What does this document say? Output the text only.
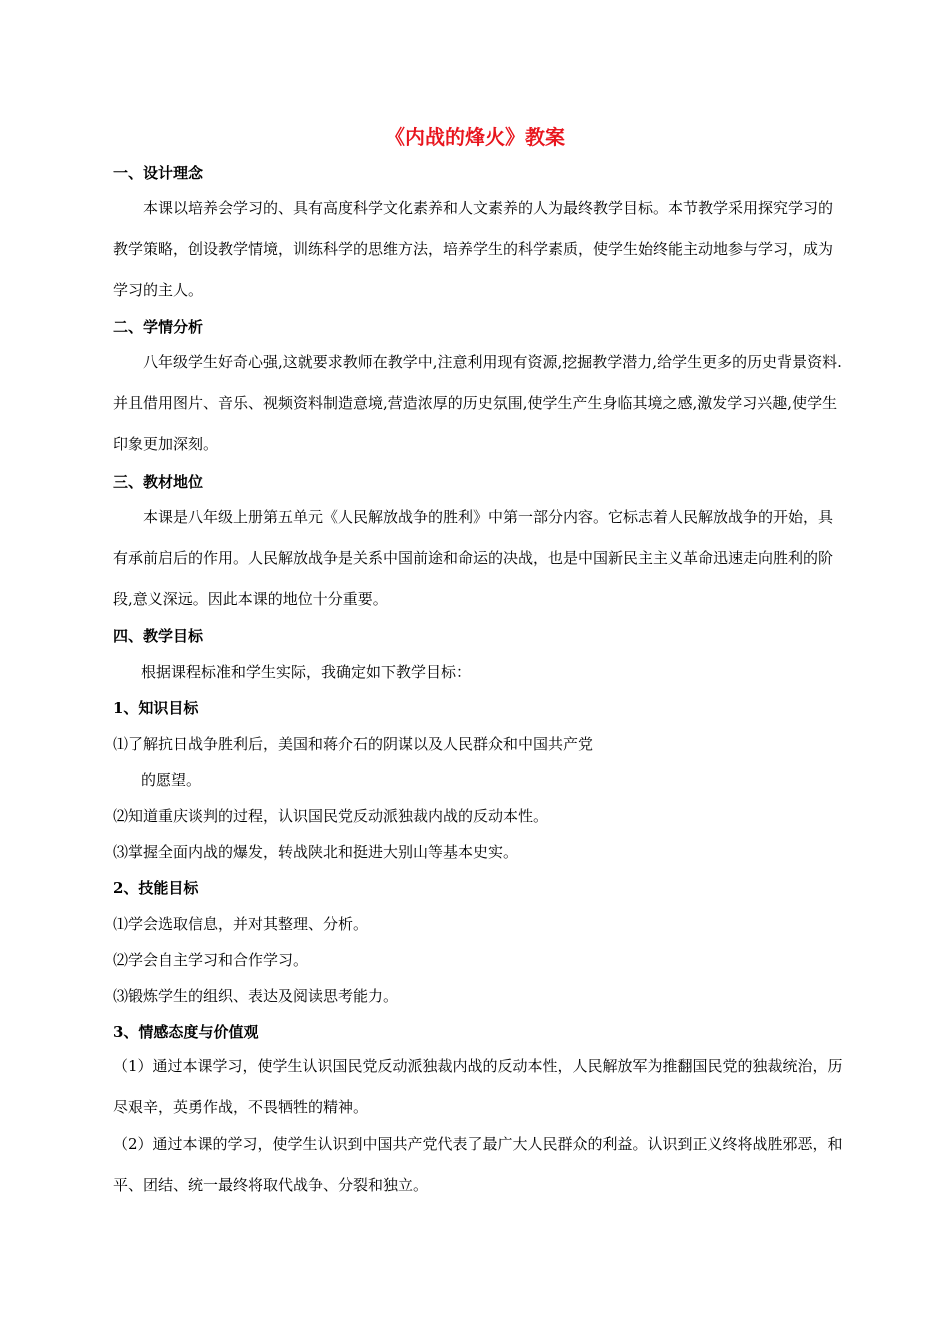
《内战的烽火》教案
一、设计理念
本课以培养会学习的、具有高度科学文化素养和人文素养的人为最终教学目标。本节教学采用探究学习的教学策略，创设教学情境，训练科学的思维方法，培养学生的科学素质，使学生始终能主动地参与学习，成为学习的主人。
二、学情分析
八年级学生好奇心强,这就要求教师在教学中,注意利用现有资源,挖掘教学潜力,给学生更多的历史背景资料.并且借用图片、音乐、视频资料制造意境,营造浓厚的历史氛围,使学生产生身临其境之感,激发学习兴趣,使学生印象更加深刻。
三、教材地位
本课是八年级上册第五单元《人民解放战争的胜利》中第一部分内容。它标志着人民解放战争的开始，具有承前启后的作用。人民解放战争是关系中国前途和命运的决战，也是中国新民主主义革命迅速走向胜利的阶段,意义深远。因此本课的地位十分重要。
四、教学目标
根据课程标准和学生实际，我确定如下教学目标：
1、知识目标
⑴了解抗日战争胜利后，美国和蒋介石的阴谋以及人民群众和中国共产党
的愿望。
⑵知道重庆谈判的过程，认识国民党反动派独裁内战的反动本性。
⑶掌握全面内战的爆发，转战陕北和挺进大别山等基本史实。
2、技能目标
⑴学会选取信息，并对其整理、分析。
⑵学会自主学习和合作学习。
⑶锻炼学生的组织、表达及阅读思考能力。
3、情感态度与价值观
（1）通过本课学习，使学生认识国民党反动派独裁内战的反动本性，人民解放军为推翻国民党的独裁统治，历尽艰辛，英勇作战，不畏牺牲的精神。
（2）通过本课的学习，使学生认识到中国共产党代表了最广大人民群众的利益。认识到正义终将战胜邪恶，和平、团结、统一最终将取代战争、分裂和独立。
